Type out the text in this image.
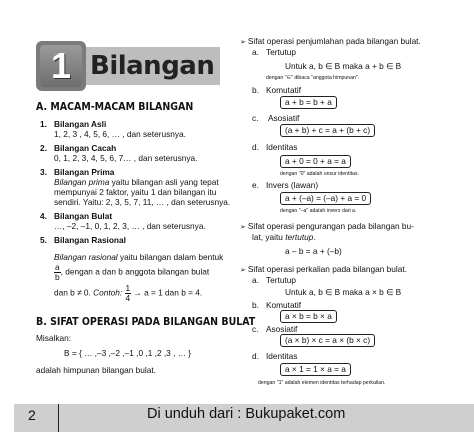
1 Bilangan
A. MACAM-MACAM BILANGAN
1. Bilangan Asli
1, 2, 3 , 4, 5, 6, … , dan seterusnya.
2. Bilangan Cacah
0, 1, 2, 3, 4, 5, 6, 7… , dan seterusnya.
3. Bilangan Prima
Bilangan prima yaitu bilangan asli yang tepat
mempunyai 2 faktor, yaitu 1 dan bilangan itu
sendiri. Yaitu: 2, 3, 5, 7, 11, … , dan seterusnya.
4. Bilangan Bulat
…, –2, –1, 0, 1, 2, 3, … , dan seterusnya.
5. Bilangan Rasional
Bilangan rasional yaitu bilangan dalam bentuk
$\frac{a}{b}$ , dengan a dan b anggota bilangan bulat
dan b ≠ 0. Contoh: $\frac{1}{4} \to a = 1$ dan b = 4.
B. SIFAT OPERASI PADA BILANGAN BULAT
Misalkan:
B = { … ,–3 ,–2 ,–1 ,0 ,1 ,2 ,3 , … }
adalah himpunan bilangan bulat.
➢ Sifat operasi penjumlahan pada bilangan bulat.
a. Tertutup
Untuk a, b ∈ B maka a + b ∈ B
dengan "∈" dibaca "anggota himpunan".
b. Komutatif
a + b = b + a
c. Asosiatif
(a + b) + c = a + (b + c)
d. Identitas
a + 0 = 0 + a = a
dengan "0" adalah unsur identitas.
e. Invers (lawan)
a + (–a) = (–a) + a = 0
dengan "–a" adalah invers dari a.
➢ Sifat operasi pengurangan pada bilangan bu-
lat, yaitu tertutup.
a – b = a + (–b)
➢ Sifat operasi perkalian pada bilangan bulat.
a. Tertutup
Untuk a, b ∈ B maka a × b ∈ B
b. Komutatif
a × b = b × a
c. Asosiatif
(a × b) × c = a × (b × c)
d. Identitas
a × 1 = 1 × a = a
dengan "1" adalah elemen identitas terhadap perkalian.
2	Di unduh dari : Bukupaket.com
